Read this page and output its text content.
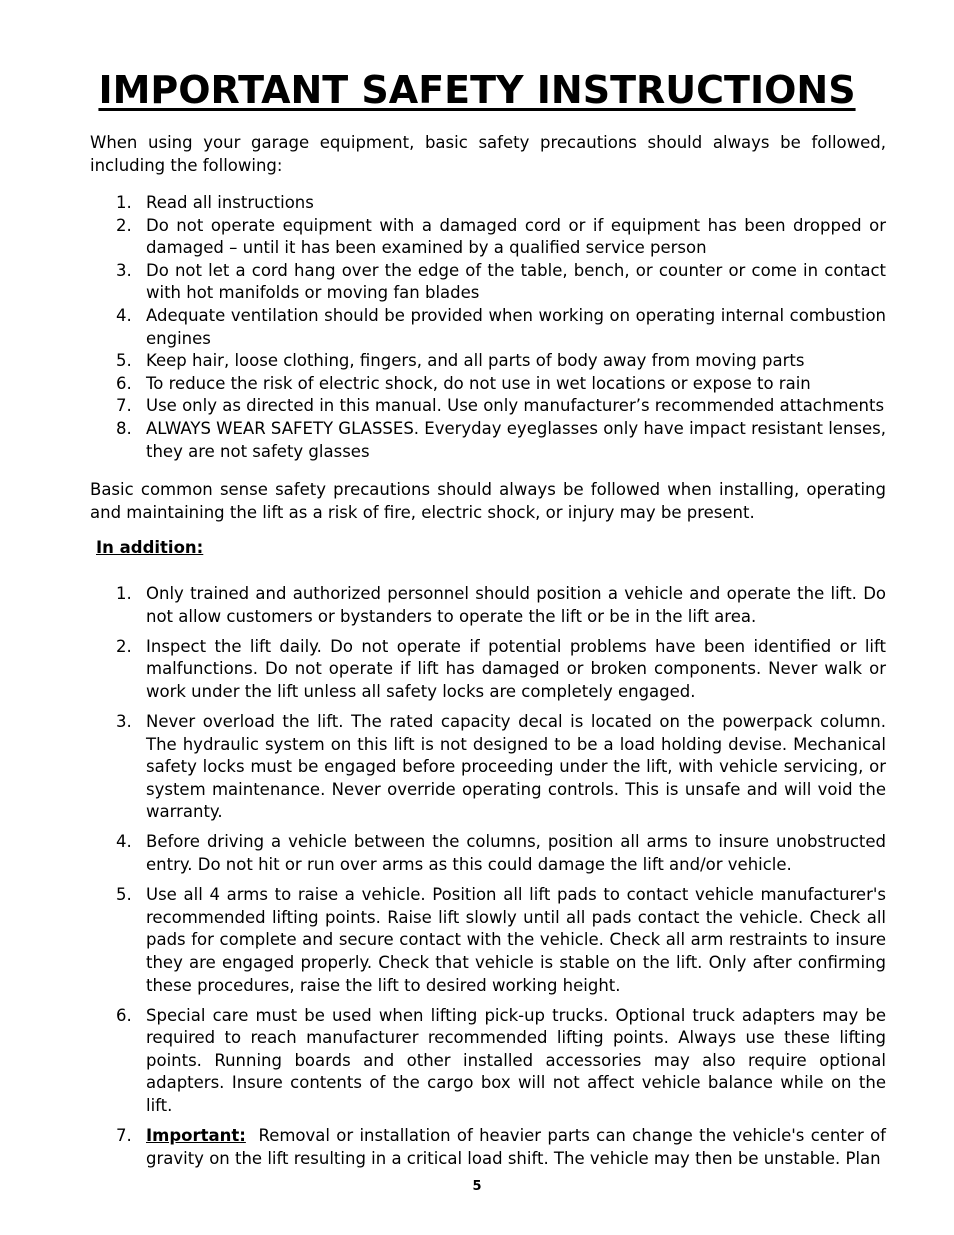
IMPORTANT SAFETY INSTRUCTIONS

When using your garage equipment, basic safety precautions should always be followed, including the following:

1. Read all instructions
2. Do not operate equipment with a damaged cord or if equipment has been dropped or damaged – until it has been examined by a qualified service person
3. Do not let a cord hang over the edge of the table, bench, or counter or come in contact with hot manifolds or moving fan blades
4. Adequate ventilation should be provided when working on operating internal combustion engines
5. Keep hair, loose clothing, fingers, and all parts of body away from moving parts
6. To reduce the risk of electric shock, do not use in wet locations or expose to rain
7. Use only as directed in this manual. Use only manufacturer’s recommended attachments
8. ALWAYS WEAR SAFETY GLASSES. Everyday eyeglasses only have impact resistant lenses, they are not safety glasses

Basic common sense safety precautions should always be followed when installing, operating and maintaining the lift as a risk of fire, electric shock, or injury may be present.

In addition:
1. Only trained and authorized personnel should position a vehicle and operate the lift. Do not allow customers or bystanders to operate the lift or be in the lift area.
2. Inspect the lift daily. Do not operate if potential problems have been identified or lift malfunctions. Do not operate if lift has damaged or broken components. Never walk or work under the lift unless all safety locks are completely engaged.
3. Never overload the lift. The rated capacity decal is located on the powerpack column. The hydraulic system on this lift is not designed to be a load holding devise. Mechanical safety locks must be engaged before proceeding under the lift, with vehicle servicing, or system maintenance. Never override operating controls. This is unsafe and will void the warranty.
4. Before driving a vehicle between the columns, position all arms to insure unobstructed entry. Do not hit or run over arms as this could damage the lift and/or vehicle.
5. Use all 4 arms to raise a vehicle. Position all lift pads to contact vehicle manufacturer's recommended lifting points. Raise lift slowly until all pads contact the vehicle. Check all pads for complete and secure contact with the vehicle. Check all arm restraints to insure they are engaged properly. Check that vehicle is stable on the lift. Only after confirming these procedures, raise the lift to desired working height.
6. Special care must be used when lifting pick-up trucks. Optional truck adapters may be required to reach manufacturer recommended lifting points. Always use these lifting points. Running boards and other installed accessories may also require optional adapters. Insure contents of the cargo box will not affect vehicle balance while on the lift.
7. Important: Removal or installation of heavier parts can change the vehicle's center of gravity on the lift resulting in a critical load shift. The vehicle may then be unstable. Plan
5
